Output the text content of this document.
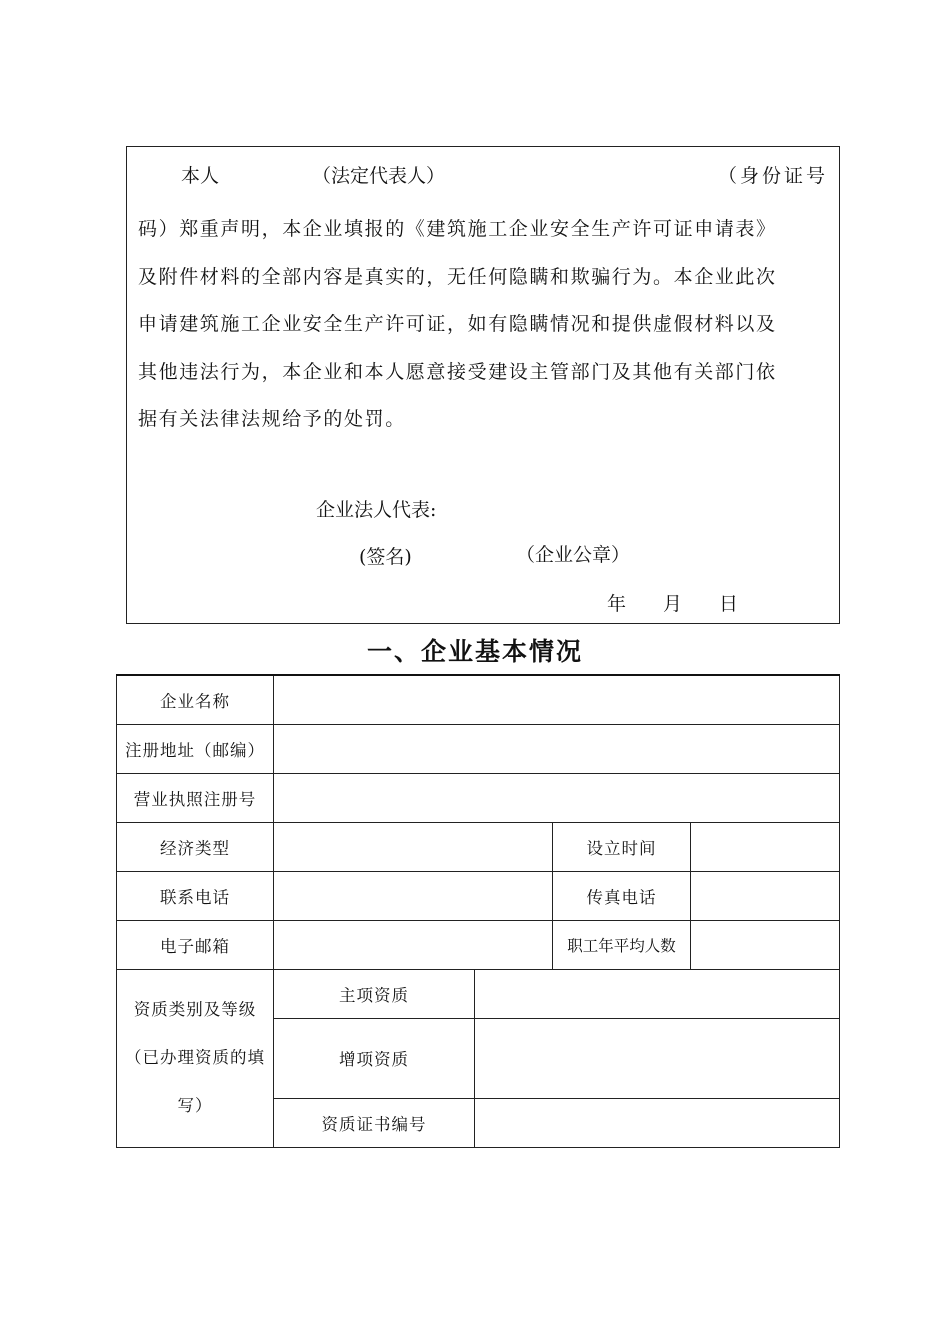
本人	（法定代表人）	（身份证号
码）郑重声明，本企业填报的《建筑施工企业安全生产许可证申请表》
及附件材料的全部内容是真实的，无任何隐瞒和欺骗行为。本企业此次
申请建筑施工企业安全生产许可证，如有隐瞒情况和提供虚假材料以及
其他违法行为，本企业和本人愿意接受建设主管部门及其他有关部门依
据有关法律法规给予的处罚。
企业法人代表:
(签名)	（企业公章）
年 月 日
一、企业基本情况
企业名称				
注册地址（邮编）				
营业执照注册号				
经济类型			设立时间	
联系电话			传真电话	
电子邮箱			职工年平均人数	
资质类别及等级
（已办理资质的填
写）	主项资质			
	增项资质			
	资质证书编号			
